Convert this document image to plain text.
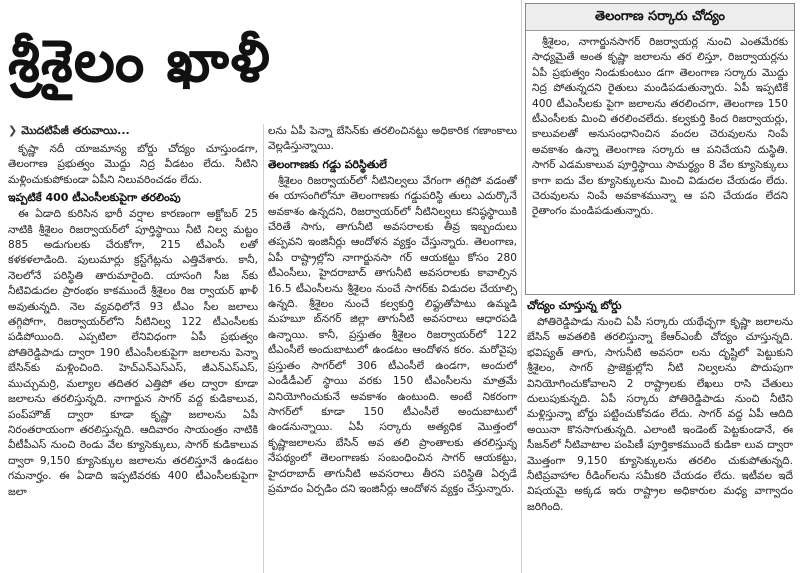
శ్రీశైలం ఖాళీ
❯ మొదటిపేజీ తరువాయి...

కృష్ణా నదీ యాజమాన్య బోర్డు చోద్యం చూస్తుండగా, తెలంగాణ ప్రభుత్వం మొద్దు నిద్ర వీడటం లేదు. నీటిని మళ్లించుకుపోకుండా ఏపీని నిలువరించడం లేదు.

ఇప్పటికే 400 టీఎంసీలకుపైగా తరలింపు

ఈ ఏడాది కురిసిన భారీ వర్షాల కారణంగా అక్టోబర్ 25 నాటికి శ్రీశైలం రిజర్వాయర్‌లో పూర్తిస్థాయి నీటి నిల్వ మట్టం 885 అడుగులకు చేరుకోగా, 215 టీఎంసీ లతో కళకళలాడింది. పులుమార్లు క్రస్ట్‌గేట్లను ఎత్తివేశారు. కానీ, నెలలోనే పరిస్థితి తారుమారైంది. యాసంగి సీజ న్‌కు నీటివిడుదల ప్రారంభం కాకముందే శ్రీశైలం రిజ ర్వాయర్ ఖాళీ అవుతున్నది. నెల వ్యవధిలోనే 93 టీఎం సీల జలాలు తగ్గిపోగా, రిజర్వాయర్‌లోని నీటినిల్వ 122 టీఎంసీలకు పడిపోయింది. ఎప్పటిలా లేనివిధంగా ఏపీ ప్రభుత్వం పోతిరెడ్డిపాడు ద్వారా 190 టీఎంసీలకుపైగా జలాలను పెన్నా బేసిన్‌కు మళ్లించింది. హెచ్‌ఎన్‌ఎస్‌ఎస్, జీఎన్‌ఎస్‌ఎస్, ముచ్చుమర్రి, మల్యాల తదితర ఎత్తిపో తల ద్వారా కూడా జలాలను తరలిస్తున్నది. నాగార్జున సాగర్ వద్ద కుడికాలువ, పంప్‌హౌజ్ ద్వారా కూడా కృష్ణా జలాలను ఏపీ నిరంతరాయంగా తరలిస్తున్నది. ఆదివారం సాయంత్రం నాటికి వీటీపీఎస్ నుంచి రెండు వేల క్యూసెక్కులు, సాగర్ కుడికాలువ ద్వారా 9,150 క్యూసెక్కుల జలాలను తరలిస్తూనే ఉండటం గమనార్హం. ఈ ఏడాది ఇప్పటివరకు 400 టీఎంసీలకుపైగా జలా

లను ఏపీ పెన్నా బేసిన్‌కు తరలించినట్టు అధికారిక గణాంకాలు వెల్లడిస్తున్నాయి.

తెలంగాణకు గడ్డు పరిస్థితులే

శ్రీశైలం రిజర్వాయర్‌లో నీటినిల్వలు వేగంగా తగ్గిపో వడంతో ఈ యాసంగిలోనూ తెలంగాణకు గడ్డుపరిస్థి తులు ఎదుర్కొనే అవకాశం ఉన్నదని, రిజర్వాయర్‌లో నీటినిల్వలు కనిష్ఠస్థాయికి చేరితే సాగు, తాగునీటి అవసరాలకు తీవ్ర ఇబ్బందులు తప్పవని ఇంజినీర్లు ఆందోళన వ్యక్తం చేస్తున్నారు. తెలంగాణ, ఏపీ రాష్ట్రాల్లోని నాగార్జునసా గర్ ఆయకట్టు కోసం 280 టీఎంసీలు, హైదరాబాద్ తాగునీటి అవసరాలకు కావాల్సిన 16.5 టీఎంసీలను శ్రీశైలం నుంచే సాగర్‌కు విడుదల చేయాల్సి ఉన్నది. శ్రీశైలం నుంచే కల్వకుర్తి లిఫ్టుతోపాటు ఉమ్మడి మహబూ బ్‌నగర్ జిల్లా తాగునీటి అవసరాలు ఆధారపడి ఉన్నాయి. కానీ, ప్రస్తుతం శ్రీశైలం రిజర్వాయర్‌లో 122 టీఎంసీలే అందుబాటులో ఉండటం ఆందోళన కరం. మరోవైపు ప్రస్తుతం సాగర్‌లో 306 టీఎంసీలే ఉండగా, అందులో ఎండీడీఎల్ స్థాయి వరకు 150 టీఎంసీలను మాత్రమే వినియోగించుకునే అవకాశం ఉంటుంది. అంటే నికరంగా సాగర్‌లో కూడా 150 టీఎంసీలే అందుబాటులో ఉండనున్నాయి. ఏపీ సర్కారు అత్యధిక మొత్తంలో కృష్ణాజలాలను బేసిన్ అవ తలి ప్రాంతాలకు తరలిస్తున్న నేపథ్యంలో తెలంగాణకు సంబంధించిన సాగర్ ఆయకట్టు, హైదరాబాద్ తాగునీటి అవసరాలు తీరని పరిస్థితి ఏర్పడే ప్రమాదం ఏర్పడిం దని ఇంజినీర్లు ఆందోళన వ్యక్తం చేస్తున్నారు.

తెలంగాణ సర్కారు చోద్యం

శ్రీశైలం, నాగార్జునసాగర్ రిజర్వాయర్ల నుంచి ఎంతమేరకు సాధ్యమైతే అంత కృష్ణా జలాలను తర లిస్తూ, రిజర్వాయర్లను ఏపీ ప్రభుత్వం నిండుకుంటుం డగా తెలంగాణ సర్కారు మొద్దు నిద్ర పోతున్నదని రైతులు మండిపడుతున్నారు. ఏపీ ఇప్పటికే 400 టీఎంసీలకు పైగా జలాలను తరలించగా, తెలంగాణ 150 టీఎంసీలకు మించి తరలించలేదు. కల్వకుర్తి కింద రిజర్వాయర్లు, కాలువలతో అనుసంధానించిన వందల చెరువులను నింపే అవకాశం ఉన్నా తెలంగాణ సర్కారు ఆ పనిచేయని దుస్థితి. సాగర్ ఎడమకాలువ పూర్తిస్థాయి సామర్థ్యం 8 వేల క్యూసెక్కులు కాగా ఐదు వేల క్యూసెక్కులను మించి విడుదల చేయడం లేదు. చెరువులను నింపే అవకాశమున్నా ఆ పని చేయడం లేదని రైతాంగం మండిపడుతున్నారు.

చోద్యం చూస్తున్న బోర్డు

పోతిరెడ్డిపాడు నుంచి ఏపీ సర్కారు యథేచ్ఛగా కృష్ణా జలాలను బేసిన్ అవతలికి తరలిస్తున్నా కేఆర్‌ఎంబీ చోద్యం చూస్తున్నది. భవిష్యత్ తాగు, సాగునీటి అవసరా లను దృష్టిలో పెట్టుకుని శ్రీశైలం, సాగర్ ప్రాజెక్టుల్లోని నీటి నిల్వలను పొదుపుగా వినియోగించుకోవాలని 2 రాష్ట్రాలకు లేఖలు రాసి చేతులు దులుపుకున్నది. ఏపీ సర్కారు పోతిరెడ్డిపాడు నుంచి నీటిని మళ్లిస్తున్నా బోర్డు పట్టించుకోవడం లేదు. సాగర్ వద్ద ఏపీ ఆదిది అయినా కొనసాగుతున్నది. ఎలాంటి ఇండెంట్ పెట్టకుండానే, ఈ సీజన్‌లో నీటివాటాల పంపిణీ పూర్తికాకముందే కుడికా లువ ద్వారా మొత్తంగా 9,150 క్యూసెక్కులను తరలిం చుకుపోతున్నది. నీటిప్రవాహాల రీడింగ్‌లను సమీకరి చేయడం లేదు. ఇటీవల ఇదే విషయమై అక్కడ ఇరు రాష్ట్రాల అధికారుల మధ్య వాగ్వాదం జరిగింది.
